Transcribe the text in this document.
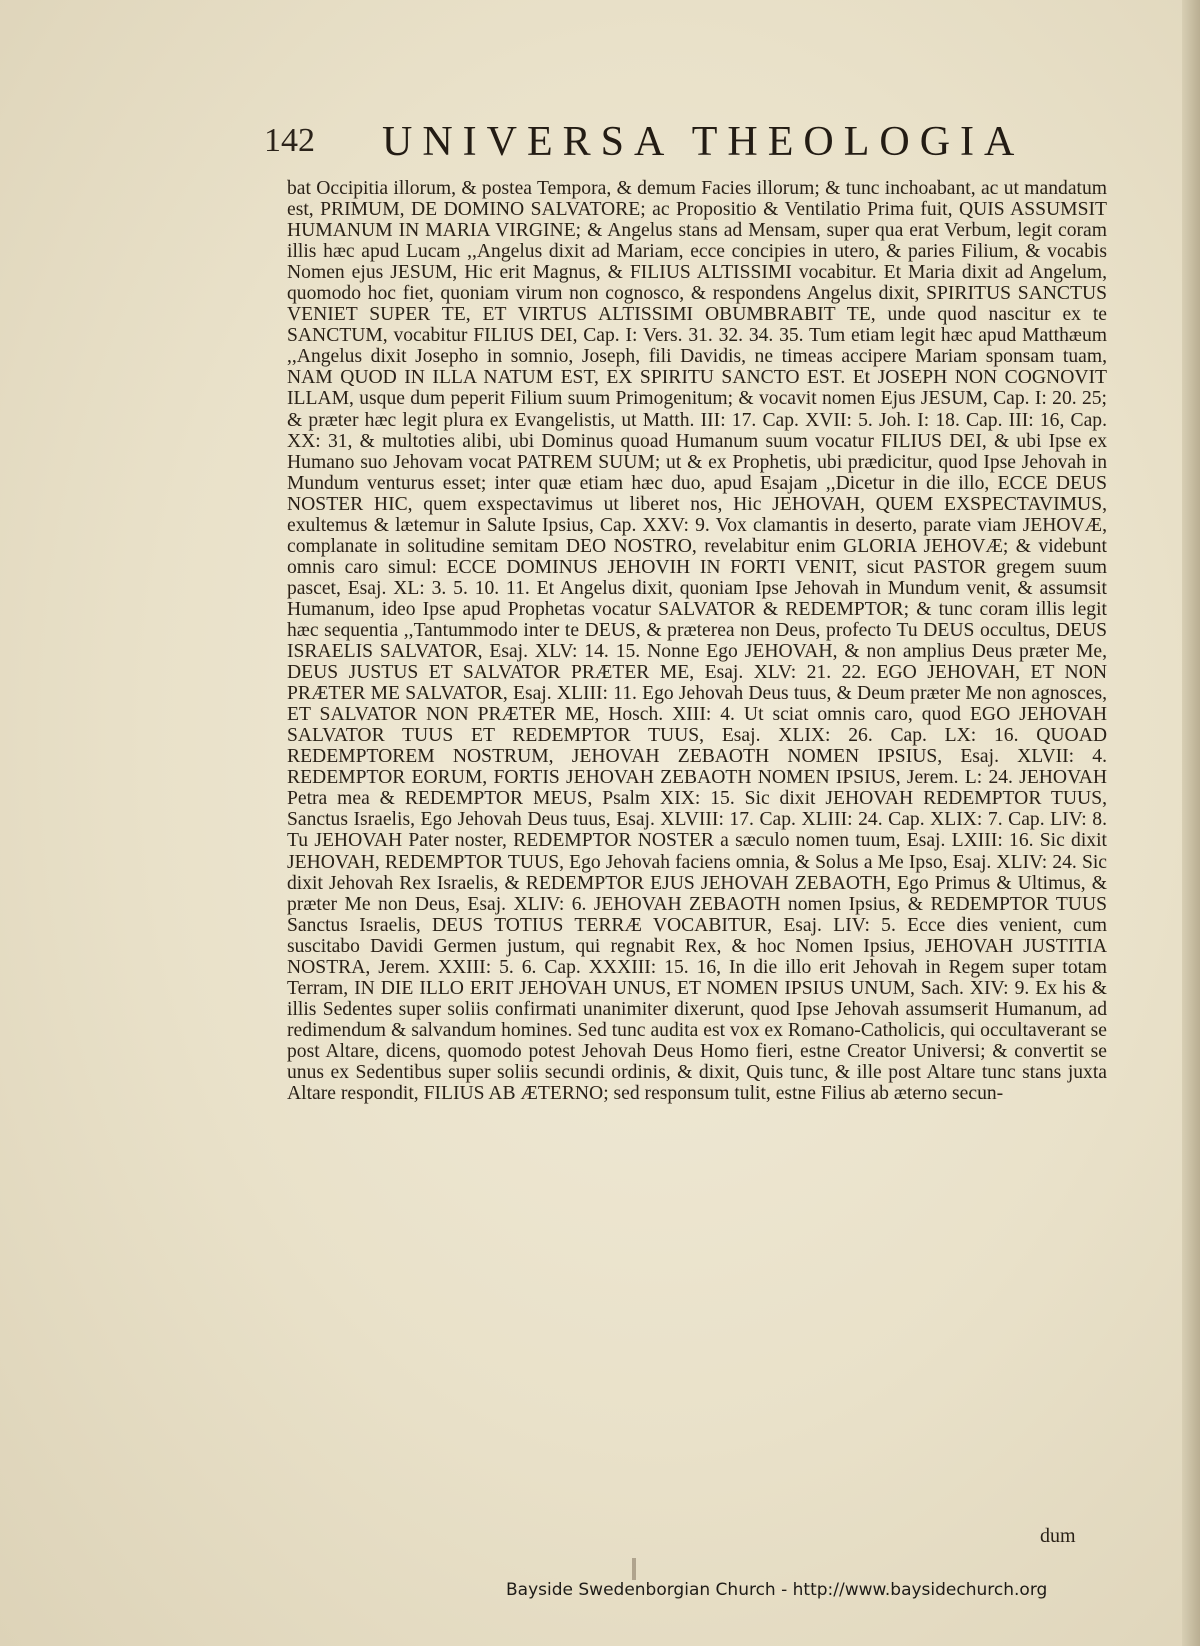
142 UNIVERSA THEOLOGIA

bat Occipitia illorum, & postea Tempora, & demum Facies illorum; & tunc inchoabant, ac ut mandatum est, PRIMUM, DE DOMINO SALVATORE; ac Propositio & Ventilatio Prima fuit, QUIS ASSUMSIT HUMANUM IN MARIA VIRGINE; & Angelus stans ad Mensam, super qua erat Verbum, legit coram illis hæc apud Lucam ,,Angelus dixit ad Mariam, ecce concipies in utero, & paries Filium, & vocabis Nomen ejus JESUM, Hic erit Magnus, & FILIUS ALTISSIMI vocabitur. Et Maria dixit ad Angelum, quomodo hoc fiet, quoniam virum non cognosco, & respondens Angelus dixit, SPIRITUS SANCTUS VENIET SUPER TE, ET VIRTUS ALTISSIMI OBUMBRABIT TE, unde quod nascitur ex te SANCTUM, vocabitur FILIUS DEI, Cap. I: Vers. 31. 32. 34. 35. Tum etiam legit hæc apud Matthæum ,,Angelus dixit Josepho in somnio, Joseph, fili Davidis, ne timeas accipere Mariam sponsam tuam, NAM QUOD IN ILLA NATUM EST, EX SPIRITU SANCTO EST. Et JOSEPH NON COGNOVIT ILLAM, usque dum peperit Filium suum Primogenitum; & vocavit nomen Ejus JESUM, Cap. I: 20. 25; & præter hæc legit plura ex Evangelistis, ut Matth. III: 17. Cap. XVII: 5. Joh. I: 18. Cap. III: 16, Cap. XX: 31, & multoties alibi, ubi Dominus quoad Humanum suum vocatur FILIUS DEI, & ubi Ipse ex Humano suo Jehovam vocat PATREM SUUM; ut & ex Prophetis, ubi prædicitur, quod Ipse Jehovah in Mundum venturus esset; inter quæ etiam hæc duo, apud Esajam ,,Dicetur in die illo, ECCE DEUS NOSTER HIC, quem exspectavimus ut liberet nos, Hic JEHOVAH, QUEM EXSPECTAVIMUS, exultemus & lætemur in Salute Ipsius, Cap. XXV: 9. Vox clamantis in deserto, parate viam JEHOVÆ, complanate in solitudine semitam DEO NOSTRO, revelabitur enim GLORIA JEHOVÆ; & videbunt omnis caro simul: ECCE DOMINUS JEHOVIH IN FORTI VENIT, sicut PASTOR gregem suum pascet, Esaj. XL: 3. 5. 10. 11. Et Angelus dixit, quoniam Ipse Jehovah in Mundum venit, & assumsit Humanum, ideo Ipse apud Prophetas vocatur SALVATOR & REDEMPTOR; & tunc coram illis legit hæc sequentia ,,Tantummodo inter te DEUS, & præterea non Deus, profecto Tu DEUS occultus, DEUS ISRAELIS SALVATOR, Esaj. XLV: 14. 15. Nonne Ego JEHOVAH, & non amplius Deus præter Me, DEUS JUSTUS ET SALVATOR PRÆTER ME, Esaj. XLV: 21. 22. EGO JEHOVAH, ET NON PRÆTER ME SALVATOR, Esaj. XLIII: 11. Ego Jehovah Deus tuus, & Deum præter Me non agnosces, ET SALVATOR NON PRÆTER ME, Hosch. XIII: 4. Ut sciat omnis caro, quod EGO JEHOVAH SALVATOR TUUS ET REDEMPTOR TUUS, Esaj. XLIX: 26. Cap. LX: 16. QUOAD REDEMPTOREM NOSTRUM, JEHOVAH ZEBAOTH NOMEN IPSIUS, Esaj. XLVII: 4. REDEMPTOR EORUM, FORTIS JEHOVAH ZEBAOTH NOMEN IPSIUS, Jerem. L: 24. JEHOVAH Petra mea & REDEMPTOR MEUS, Psalm XIX: 15. Sic dixit JEHOVAH REDEMPTOR TUUS, Sanctus Israelis, Ego Jehovah Deus tuus, Esaj. XLVIII: 17. Cap. XLIII: 24. Cap. XLIX: 7. Cap. LIV: 8. Tu JEHOVAH Pater noster, REDEMPTOR NOSTER a sæculo nomen tuum, Esaj. LXIII: 16. Sic dixit JEHOVAH, REDEMPTOR TUUS, Ego Jehovah faciens omnia, & Solus a Me Ipso, Esaj. XLIV: 24. Sic dixit Jehovah Rex Israelis, & REDEMPTOR EJUS JEHOVAH ZEBAOTH, Ego Primus & Ultimus, & præter Me non Deus, Esaj. XLIV: 6. JEHOVAH ZEBAOTH nomen Ipsius, & REDEMPTOR TUUS Sanctus Israelis, DEUS TOTIUS TERRÆ VOCABITUR, Esaj. LIV: 5. Ecce dies venient, cum suscitabo Davidi Germen justum, qui regnabit Rex, & hoc Nomen Ipsius, JEHOVAH JUSTITIA NOSTRA, Jerem. XXIII: 5. 6. Cap. XXXIII: 15. 16, In die illo erit Jehovah in Regem super totam Terram, IN DIE ILLO ERIT JEHOVAH UNUS, ET NOMEN IPSIUS UNUM, Sach. XIV: 9. Ex his & illis Sedentes super soliis confirmati unanimiter dixerunt, quod Ipse Jehovah assumserit Humanum, ad redimendum & salvandum homines. Sed tunc audita est vox ex Romano-Catholicis, qui occultaverant se post Altare, dicens, quomodo potest Jehovah Deus Homo fieri, estne Creator Universi; & convertit se unus ex Sedentibus super soliis secundi ordinis, & dixit, Quis tunc, & ille post Altare tunc stans juxta Altare respondit, FILIUS AB ÆTERNO; sed responsum tulit, estne Filius ab æterno secun-

dum
Bayside Swedenborgian Church - http://www.baysidechurch.org
